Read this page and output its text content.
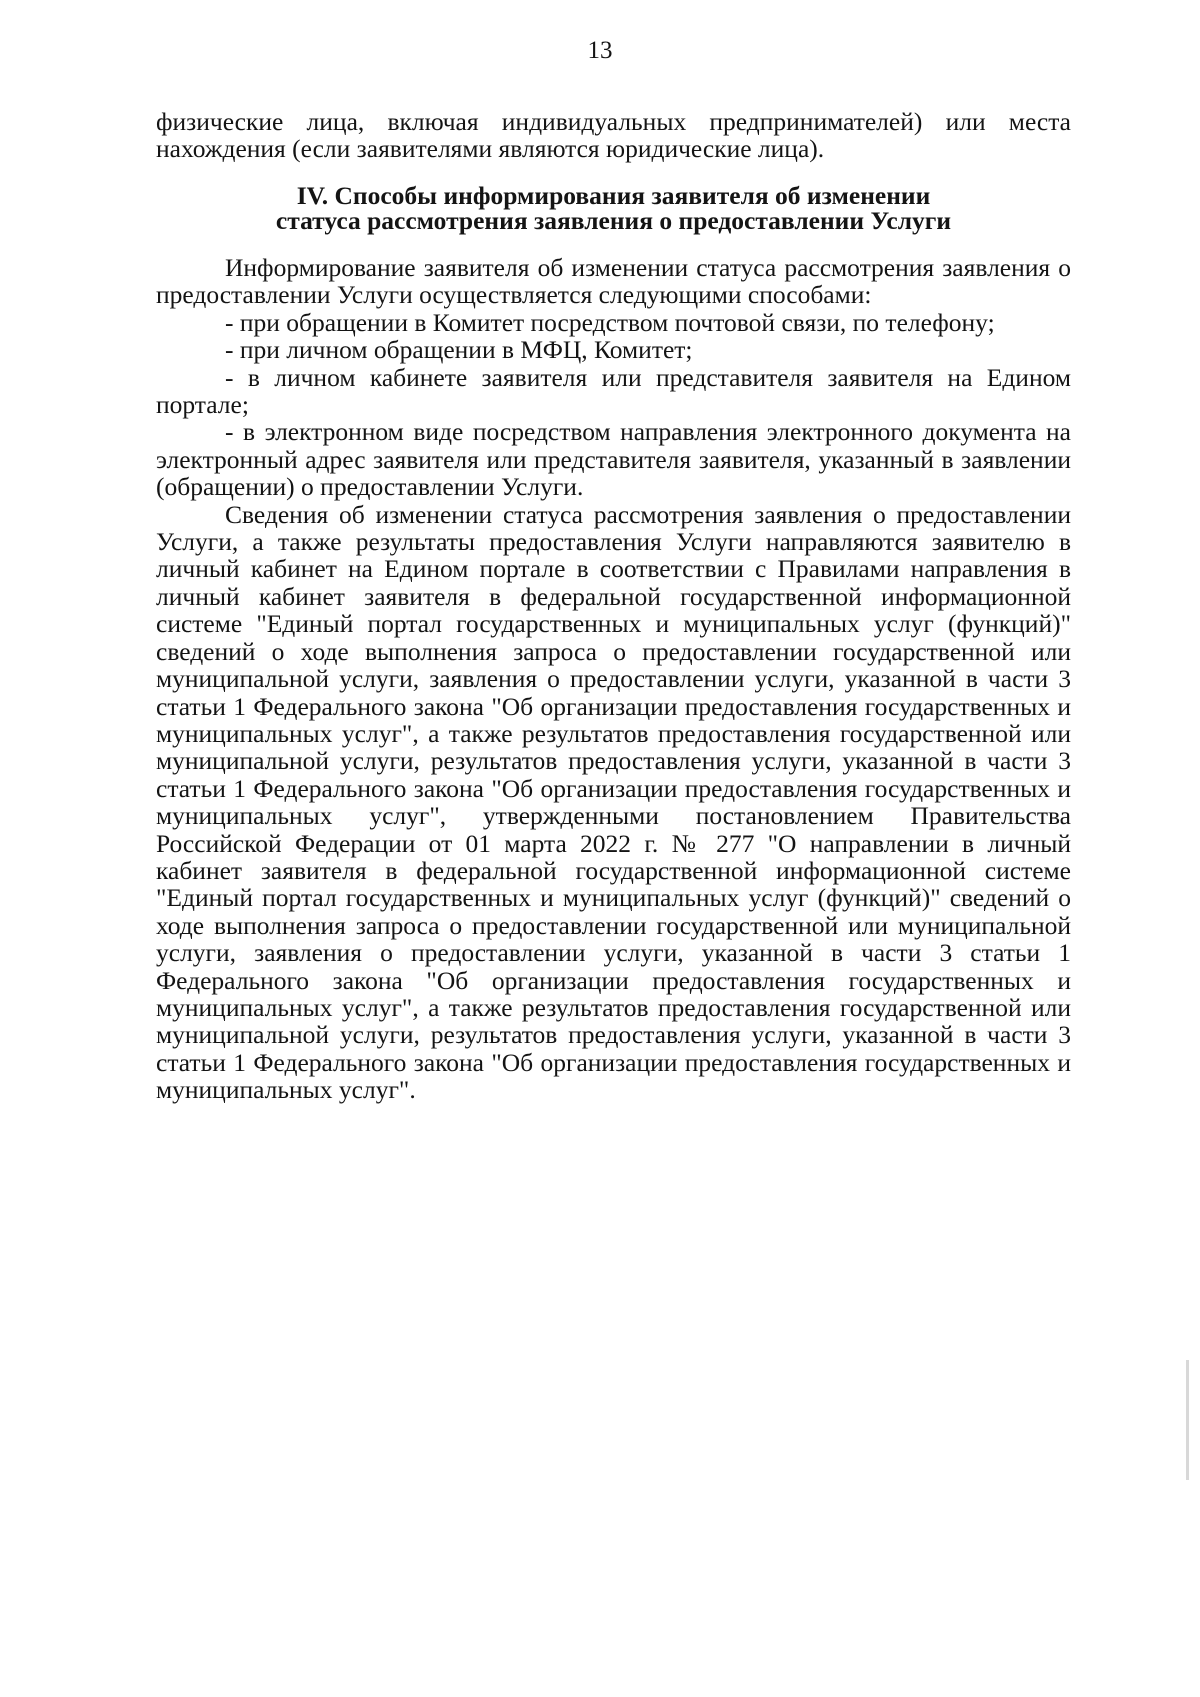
13

физические лица, включая индивидуальных предпринимателей) или места нахождения (если заявителями являются юридические лица).

IV. Способы информирования заявителя об изменении
статуса рассмотрения заявления о предоставлении Услуги

Информирование заявителя об изменении статуса рассмотрения заявления о предоставлении Услуги осуществляется следующими способами:

- при обращении в Комитет посредством почтовой связи, по телефону;

- при личном обращении в МФЦ, Комитет;

- в личном кабинете заявителя или представителя заявителя на Едином портале;

- в электронном виде посредством направления электронного документа на электронный адрес заявителя или представителя заявителя, указанный в заявлении (обращении) о предоставлении Услуги.

Сведения об изменении статуса рассмотрения заявления о предоставлении Услуги, а также результаты предоставления Услуги направляются заявителю в личный кабинет на Едином портале в соответствии с Правилами направления в личный кабинет заявителя в федеральной государственной информационной системе "Единый портал государственных и муниципальных услуг (функций)" сведений о ходе выполнения запроса о предоставлении государственной или муниципальной услуги, заявления о предоставлении услуги, указанной в части 3 статьи 1 Федерального закона "Об организации предоставления государственных и муниципальных услуг", а также результатов предоставления государственной или муниципальной услуги, результатов предоставления услуги, указанной в части 3 статьи 1 Федерального закона "Об организации предоставления государственных и муниципальных услуг", утвержденными постановлением Правительства Российской Федерации от 01 марта 2022 г. № 277 "О направлении в личный кабинет заявителя в федеральной государственной информационной системе "Единый портал государственных и муниципальных услуг (функций)" сведений о ходе выполнения запроса о предоставлении государственной или муниципальной услуги, заявления о предоставлении услуги, указанной в части 3 статьи 1 Федерального закона "Об организации предоставления государственных и муниципальных услуг", а также результатов предоставления государственной или муниципальной услуги, результатов предоставления услуги, указанной в части 3 статьи 1 Федерального закона "Об организации предоставления государственных и муниципальных услуг".
